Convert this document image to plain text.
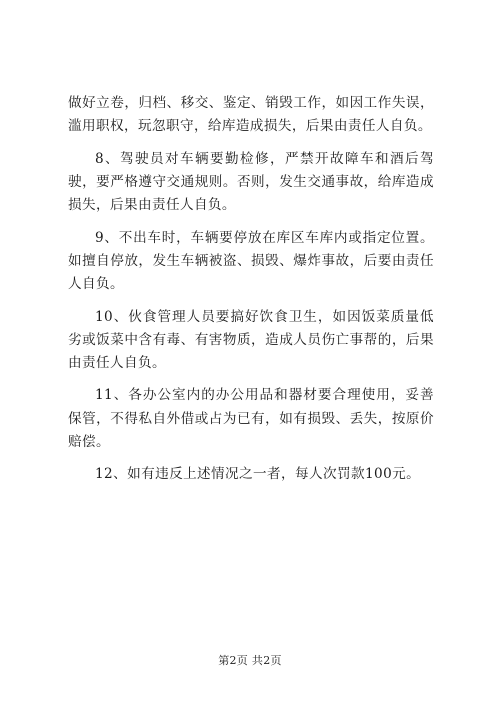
做好立卷，归档、移交、鉴定、销毁工作，如因工作失误，滥用职权，玩忽职守，给库造成损失，后果由责任人自负。

8、驾驶员对车辆要勤检修，严禁开故障车和酒后驾驶，要严格遵守交通规则。否则，发生交通事故，给库造成损失，后果由责任人自负。

9、不出车时，车辆要停放在库区车库内或指定位置。如擅自停放，发生车辆被盗、损毁、爆炸事故，后要由责任人自负。

10、伙食管理人员要搞好饮食卫生，如因饭菜质量低劣或饭菜中含有毒、有害物质，造成人员伤亡事帮的，后果由责任人自负。

11、各办公室内的办公用品和器材要合理使用，妥善保管，不得私自外借或占为已有，如有损毁、丢失，按原价赔偿。

12、如有违反上述情况之一者，每人次罚款100元。

第2页 共2页
